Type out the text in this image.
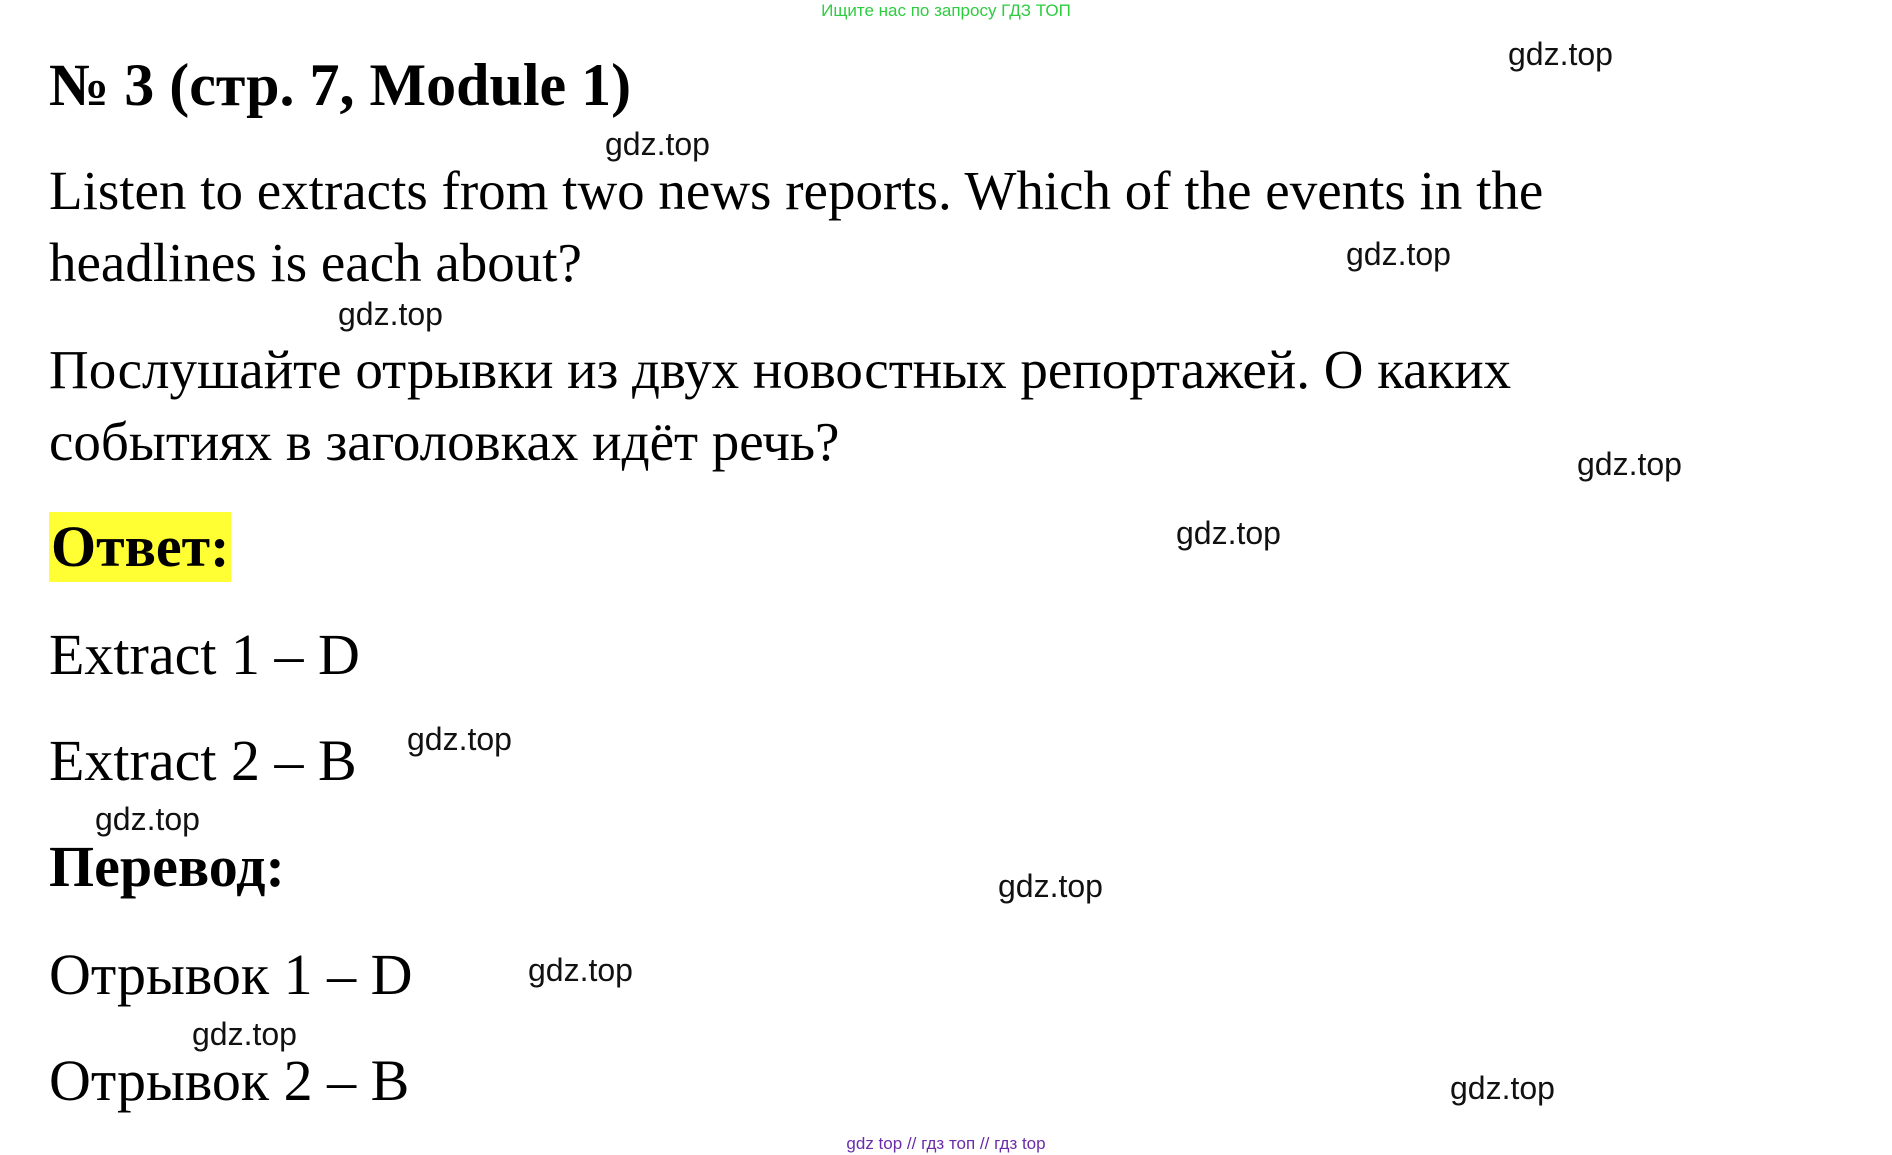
Ищите нас по запросу ГДЗ ТОП
№ 3 (стр. 7, Module 1)
Listen to extracts from two news reports. Which of the events in the
headlines is each about?
Послушайте отрывки из двух новостных репортажей. О каких
событиях в заголовках идёт речь?
Ответ:
Extract 1 – D
Extract 2 – B
Перевод:
Отрывок 1 – D
Отрывок 2 – B
gdz.top
gdz.top
gdz.top
gdz.top
gdz.top
gdz.top
gdz.top
gdz.top
gdz.top
gdz.top
gdz.top
gdz.top
gdz top // гдз топ // гдз top
